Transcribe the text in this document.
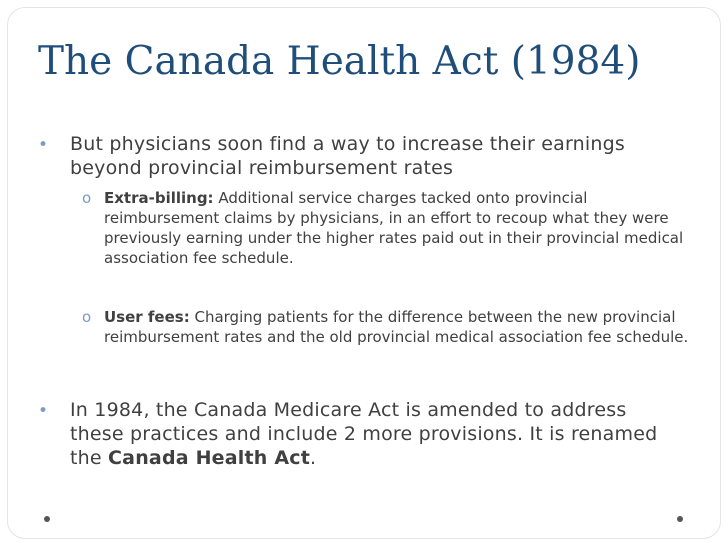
The Canada Health Act (1984)
•	But physicians soon find a way to increase their earnings beyond provincial reimbursement rates
o Extra-billing: Additional service charges tacked onto provincial reimbursement claims by physicians, in an effort to recoup what they were previously earning under the higher rates paid out in their provincial medical association fee schedule.
o User fees: Charging patients for the difference between the new provincial reimbursement rates and the old provincial medical association fee schedule.
•	In 1984, the Canada Medicare Act is amended to address these practices and include 2 more provisions. It is renamed the Canada Health Act.
